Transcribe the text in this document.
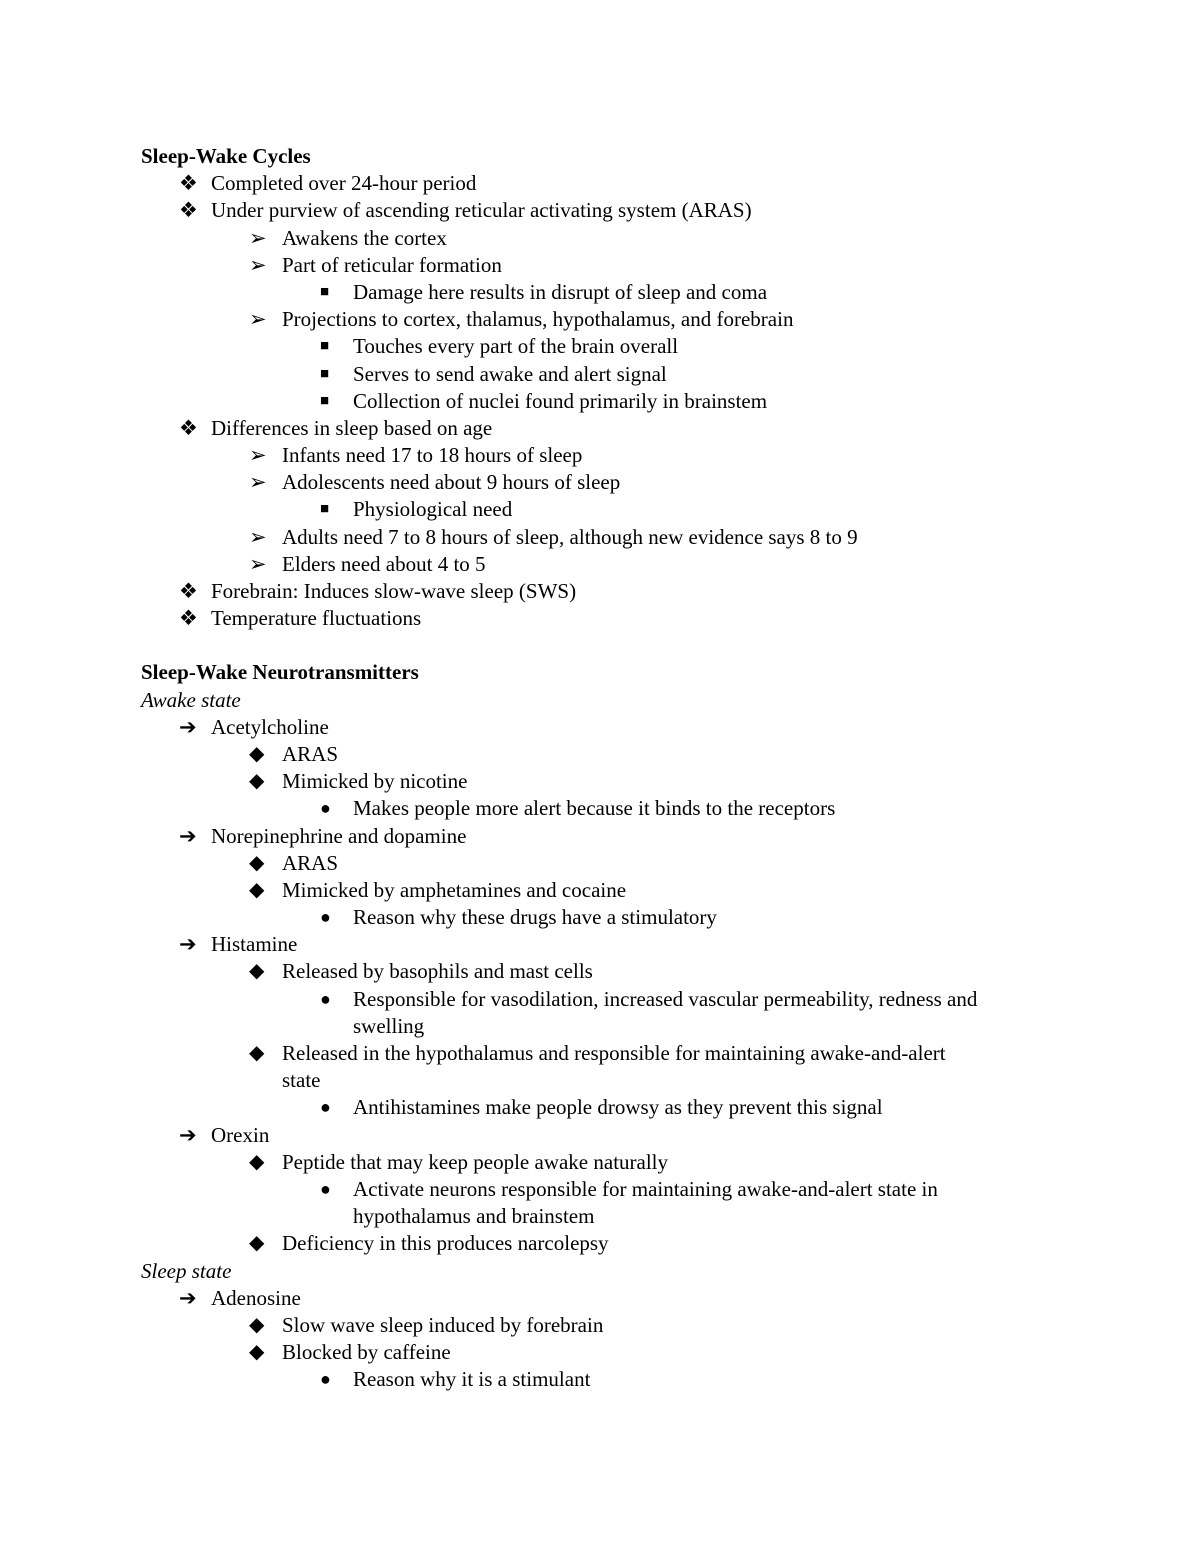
Sleep-Wake Cycles
❖ Completed over 24-hour period
❖ Under purview of ascending reticular activating system (ARAS)
➢ Awakens the cortex
➢ Part of reticular formation
■	Damage here results in disrupt of sleep and coma
➢ Projections to cortex, thalamus, hypothalamus, and forebrain
■	Touches every part of the brain overall
■	Serves to send awake and alert signal
■	Collection of nuclei found primarily in brainstem
❖ Differences in sleep based on age
➢ Infants need 17 to 18 hours of sleep
➢ Adolescents need about 9 hours of sleep
■	Physiological need
➢ Adults need 7 to 8 hours of sleep, although new evidence says 8 to 9
➢ Elders need about 4 to 5
❖ Forebrain: Induces slow-wave sleep (SWS)
❖ Temperature fluctuations
Sleep-Wake Neurotransmitters
Awake state
➔ Acetylcholine
◆ ARAS
◆ Mimicked by nicotine
●	Makes people more alert because it binds to the receptors
➔ Norepinephrine and dopamine
◆ ARAS
◆ Mimicked by amphetamines and cocaine
●	Reason why these drugs have a stimulatory
➔ Histamine
◆ Released by basophils and mast cells
●	Responsible for vasodilation, increased vascular permeability, redness and
swelling
◆ Released in the hypothalamus and responsible for maintaining awake-and-alert
state
●	Antihistamines make people drowsy as they prevent this signal
➔ Orexin
◆ Peptide that may keep people awake naturally
●	Activate neurons responsible for maintaining awake-and-alert state in
hypothalamus and brainstem
◆ Deficiency in this produces narcolepsy
Sleep state
➔ Adenosine
◆ Slow wave sleep induced by forebrain
◆ Blocked by caffeine
●	Reason why it is a stimulant
